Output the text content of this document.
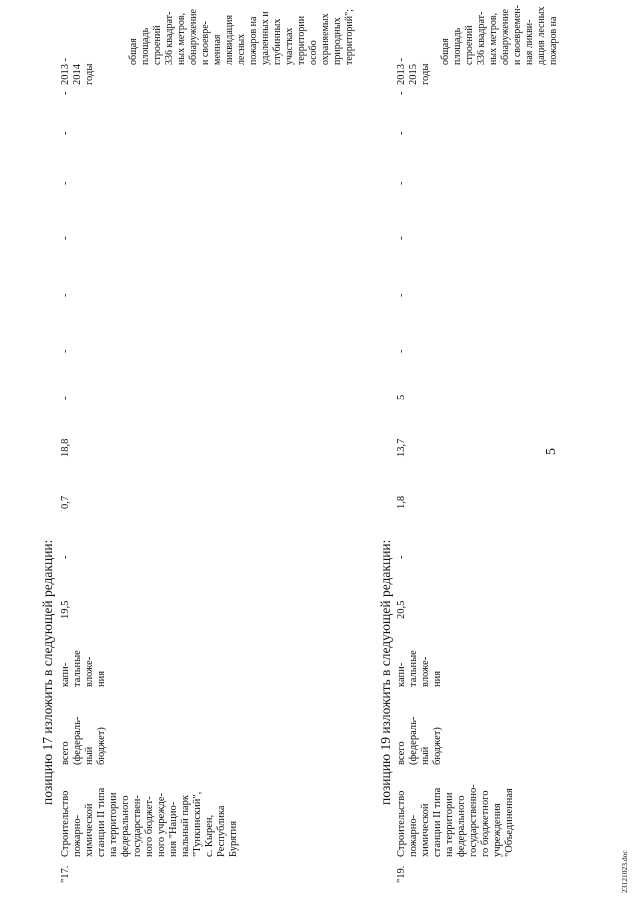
5
позицию 17 изложить в следующей редакции:
"17.
Строительство пожарно- химической станции II типа на территории федерального государствен- ного бюджет- ного учрежде- ния "Нацио- нальный парк "Тункинский", с. Кырен, Республика Бурятия
всего (федераль- ный бюджет)
капи- тальные вложе- ния
19,5
-
0,7
18,8
-
-
-
-
-
-
-
2013 - 2014 годы
общая площадь строений 336 квадрат- ных метров, обнаружение и своевре- менная ликвидация лесных пожаров на удаленных и глубинных участках территории особо охраняемых природных территорий";
позицию 19 изложить в следующей редакции:
"19.
Строительство пожарно- химической станции II типа на территории федерального государственно- го бюджетного учреждения "Объединенная
всего (федераль- ный бюджет)
капи- тальные вложе- ния
20,5
-
1,8
13,7
5
-
-
-
-
-
-
2013 - 2015 годы
общая площадь строений 336 квадрат- ных метров, обнаружение и своевремен- ная ликви- дация лесных пожаров на
23121023.doc
